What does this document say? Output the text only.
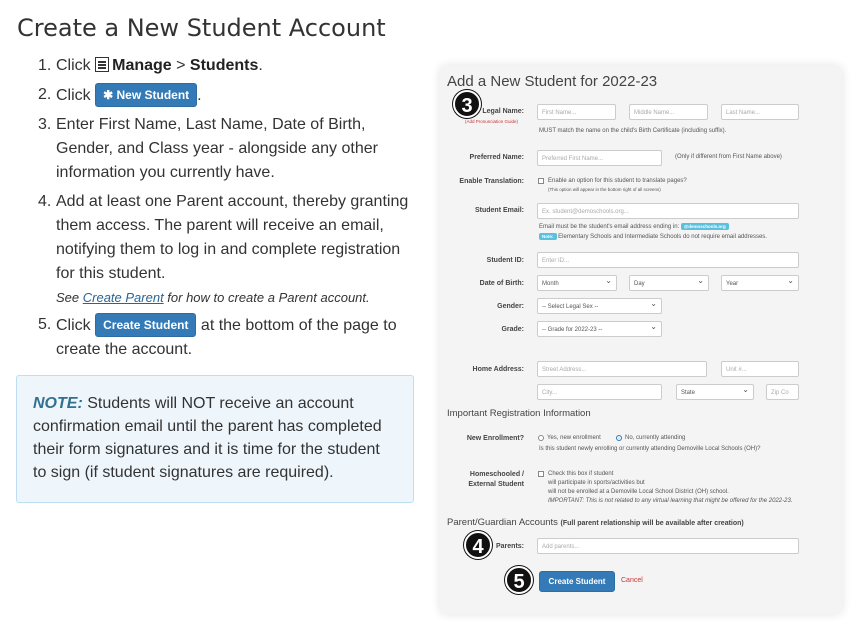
Create a New Student Account
1. Click Manage > Students.
2. Click ✱ New Student .
3. Enter First Name, Last Name, Date of Birth, Gender, and Class year - alongside any other information you currently have.
4. Add at least one Parent account, thereby granting them access. The parent will receive an email, notifying them to log in and complete registration for this student.
See Create Parent for how to create a Parent account.
5. Click Create Student at the bottom of the page to create the account.
NOTE: Students will NOT receive an account confirmation email until the parent has completed their form signatures and it is time for the student to sign (if student signatures are required).
Add a New Student for 2022-23
Legal Name:
(Add Pronunciation Guide)
First Name...	Middle Name...	Last Name...
MUST match the name on the child's Birth Certificate (including suffix).
Preferred Name:	Preferred First Name...	(Only if different from First Name above)
Enable Translation:	Enable an option for this student to translate pages?
(This option will appear in the bottom right of all screens)
Student Email:	Ex. student@demoschools.org...
Email must be the student's email address ending in: @demoschools.org
Note: Elementary Schools and Intermediate Schools do not require email addresses.
Student ID:	Enter ID...
Date of Birth:	Month ⌄	Day ⌄	Year ⌄
Gender:	-- Select Legal Sex -- ⌄
Grade:	-- Grade for 2022-23 -- ⌄
Home Address:	Street Address...	Unit #...
City...	State ⌄	Zip Co
Important Registration Information
New Enrollment?	Yes, new enrollment	No, currently attending
Is this student newly enrolling or currently attending Demoville Local Schools (OH)?
Homeschooled /
External Student
Check this box if student
will participate in sports/activities but
will not be enrolled at a Demoville Local School District (OH) school.
IMPORTANT: This is not related to any virtual learning that might be offered for the 2022-23.
Parent/Guardian Accounts (Full parent relationship will be available after creation)
Parents:	Add parents...
Create Student	Cancel
3
4
5
